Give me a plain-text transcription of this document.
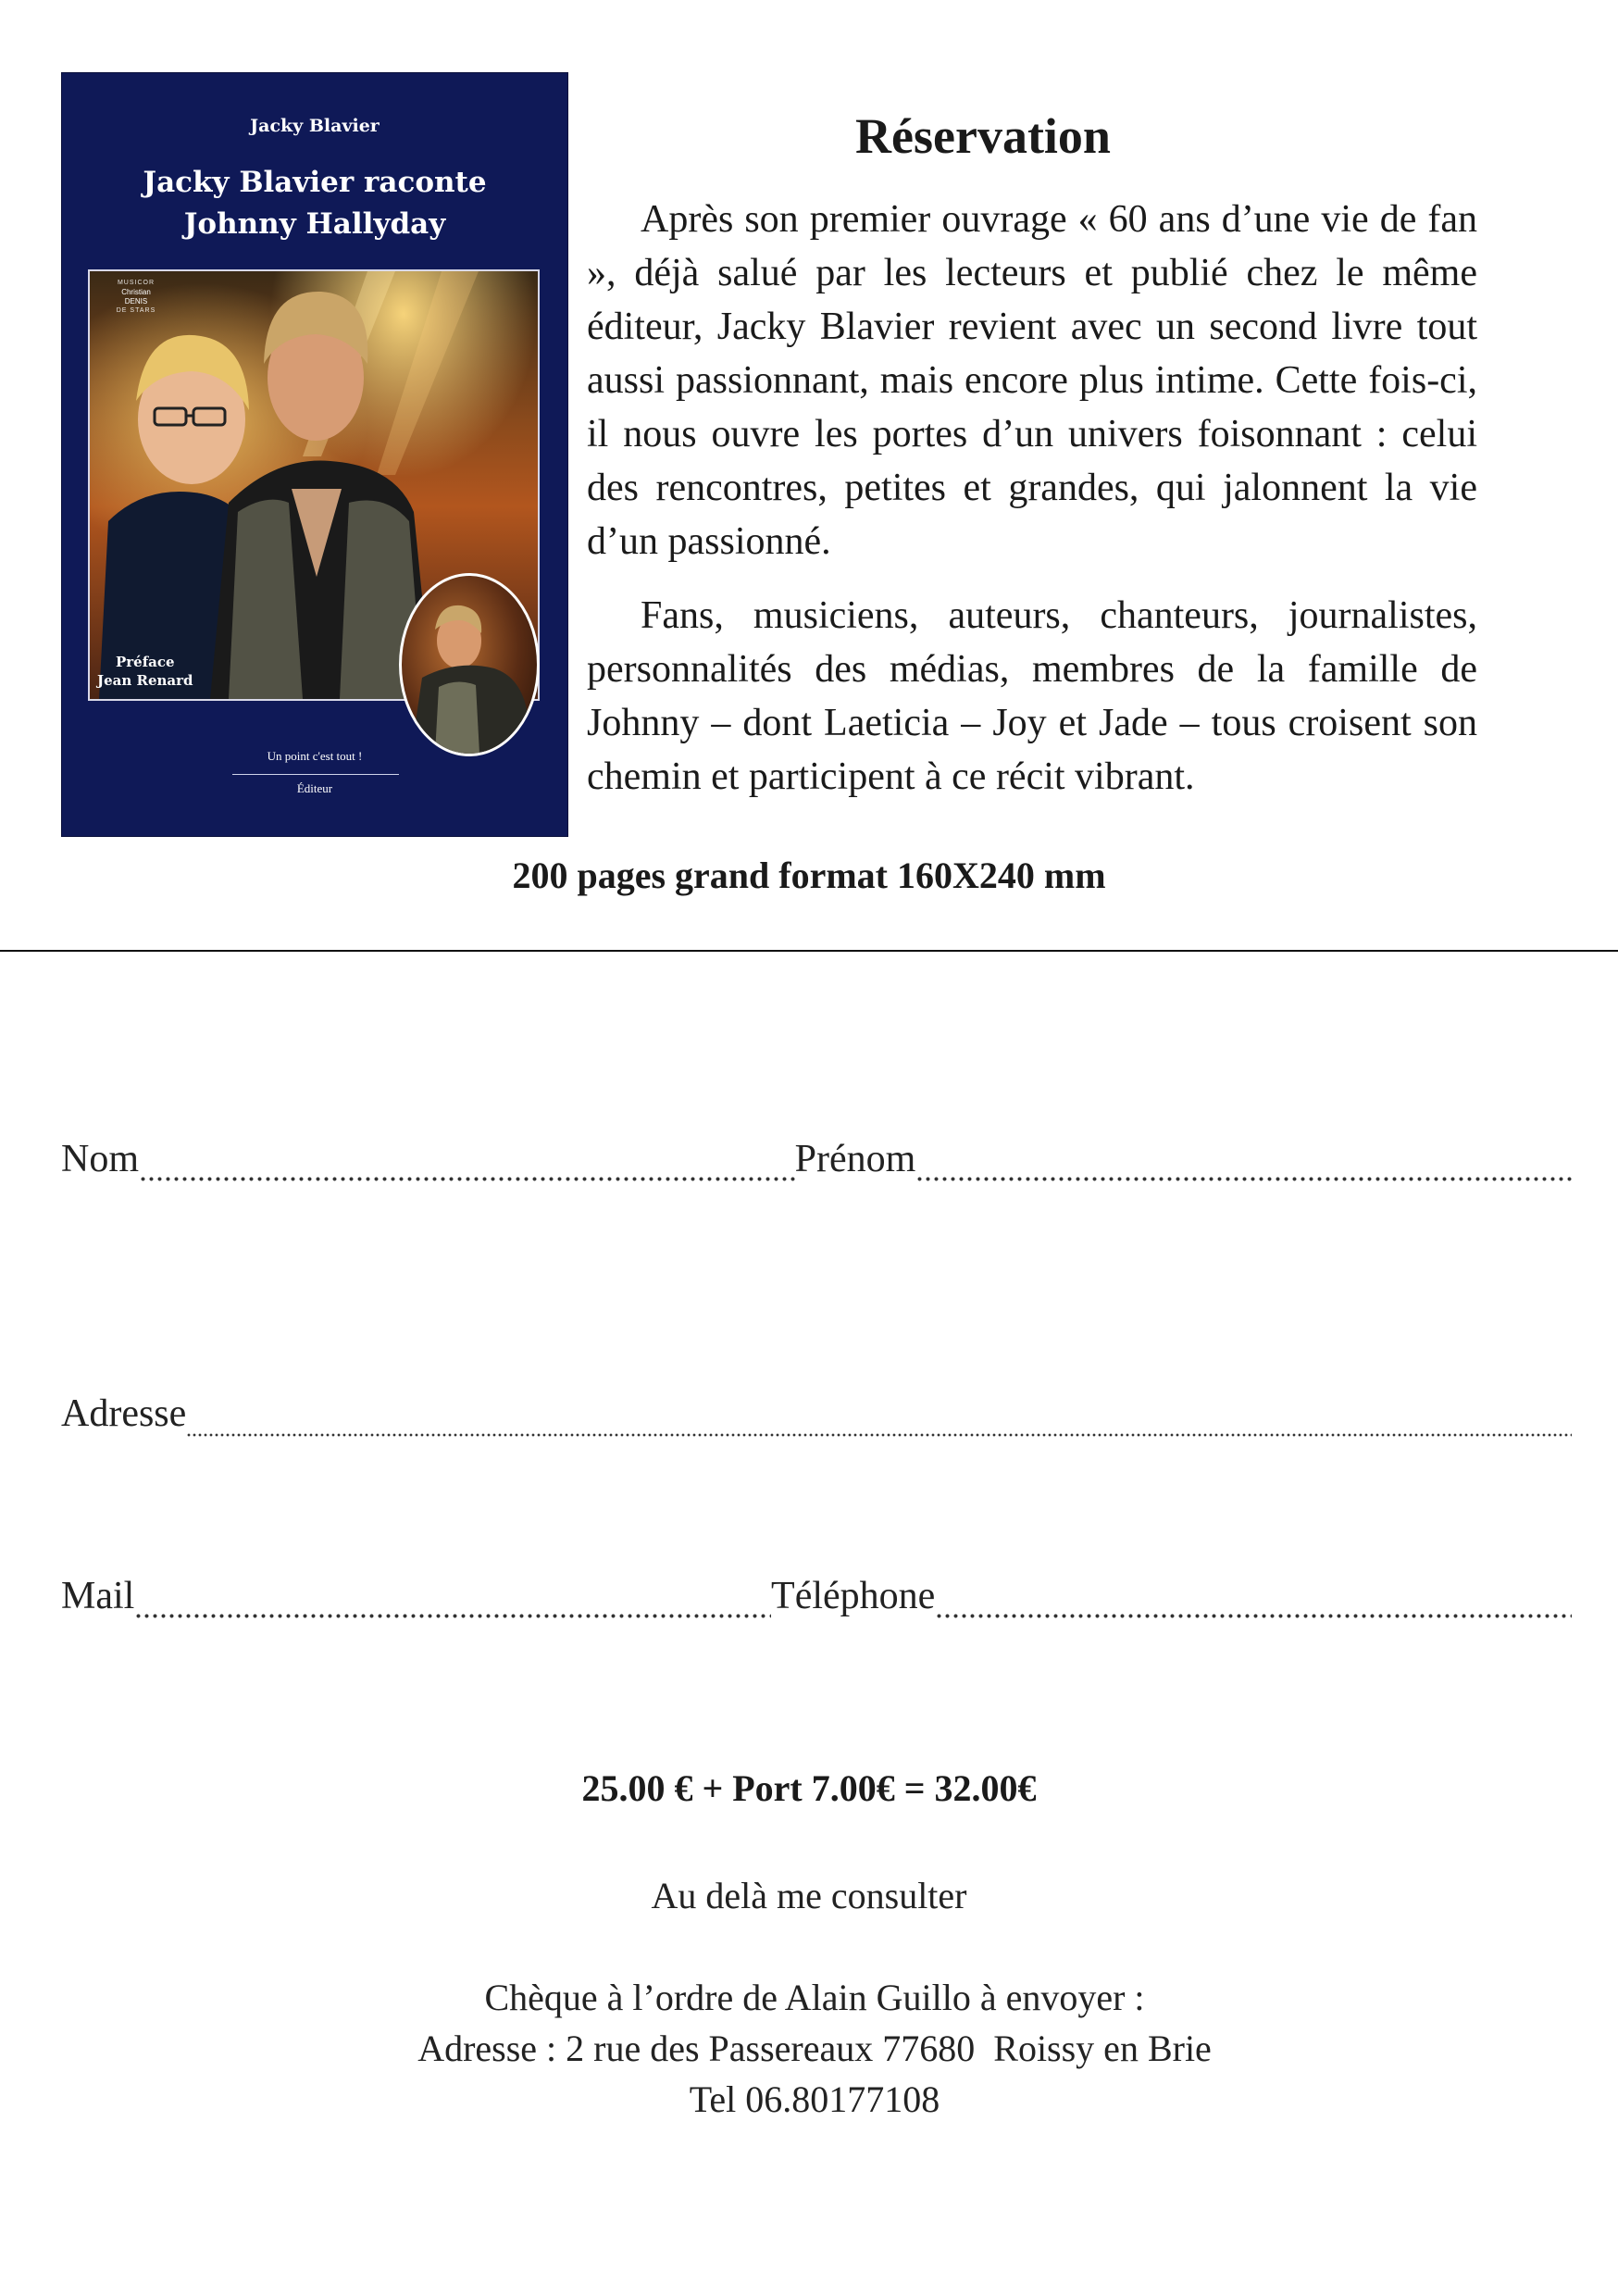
Jacky Blavier
Jacky Blavier raconte
Johnny Hallyday
MUSICOR
Christian
DENIS
DE STARS
Préface
Jean Renard
Un point c'est tout !
Éditeur
Réservation

Après son premier ouvrage « 60 ans d’une vie de fan », déjà salué par les lecteurs et publié chez le même éditeur, Jacky Blavier revient avec un second livre tout aussi passionnant, mais encore plus intime. Cette fois-ci, il nous ouvre les portes d’un univers foisonnant : celui des rencontres, petites et grandes, qui jalonnent la vie d’un passionné.

Fans, musiciens, auteurs, chanteurs, journalistes, personnalités des médias, membres de la famille de Johnny – dont Laeticia – Joy et Jade – tous croisent son chemin et participent à ce récit vibrant.

200 pages grand format 160X240 mm

Nom	Prénom
Adresse
Mail	Téléphone

25.00 € + Port 7.00€ = 32.00€

Au delà me consulter

Chèque à l’ordre de Alain Guillo à envoyer :
Adresse : 2 rue des Passereaux 77680  Roissy en Brie
Tel 06.80177108
